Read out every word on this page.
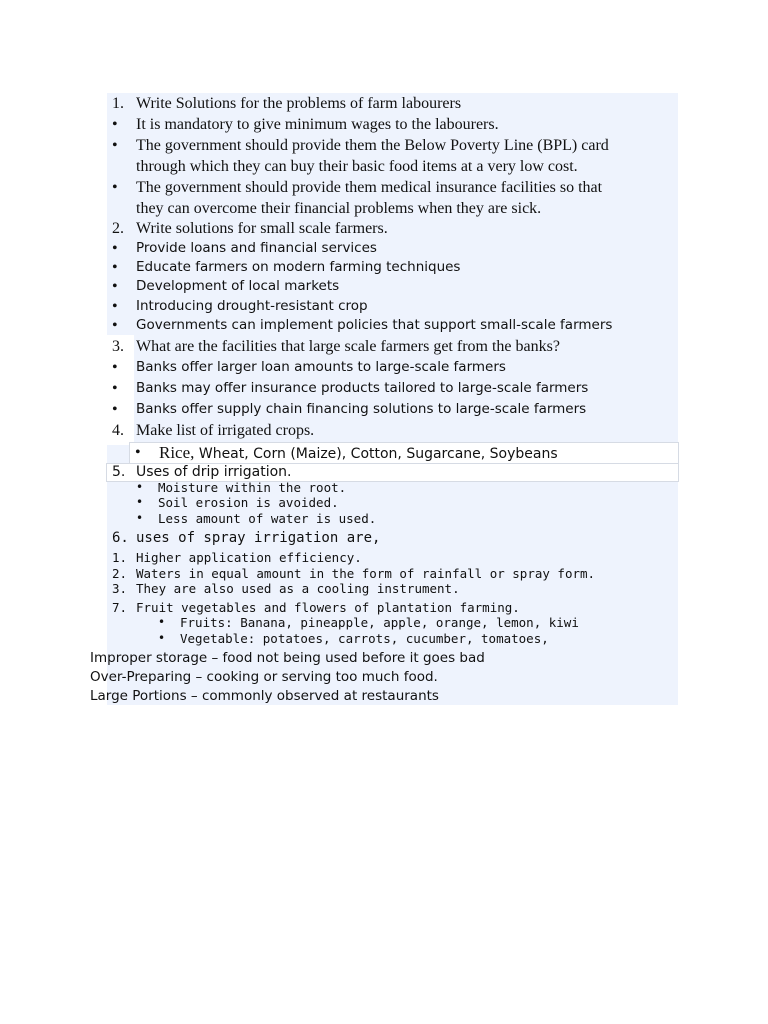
1. Write Solutions for the problems of farm labourers
• It is mandatory to give minimum wages to the labourers.
• The government should provide them the Below Poverty Line (BPL) card
through which they can buy their basic food items at a very low cost.
• The government should provide them medical insurance facilities so that
they can overcome their financial problems when they are sick.
2. Write solutions for small scale farmers.
• Provide loans and financial services
• Educate farmers on modern farming techniques
• Development of local markets
• Introducing drought-resistant crop
• Governments can implement policies that support small-scale farmers
3. What are the facilities that large scale farmers get from the banks?
• Banks offer larger loan amounts to large-scale farmers
• Banks may offer insurance products tailored to large-scale farmers
• Banks offer supply chain financing solutions to large-scale farmers
4. Make list of irrigated crops.
• Rice, Wheat, Corn (Maize), Cotton, Sugarcane, Soybeans
5. Uses of drip irrigation.
• Moisture within the root.
• Soil erosion is avoided.
• Less amount of water is used.
6. uses of spray irrigation are,
1. Higher application efficiency.
2. Waters in equal amount in the form of rainfall or spray form.
3. They are also used as a cooling instrument.
7. Fruit vegetables and flowers of plantation farming.
• Fruits: Banana, pineapple, apple, orange, lemon, kiwi
• Vegetable: potatoes, carrots, cucumber, tomatoes,
Improper storage – food not being used before it goes bad
Over-Preparing – cooking or serving too much food.
Large Portions – commonly observed at restaurants
